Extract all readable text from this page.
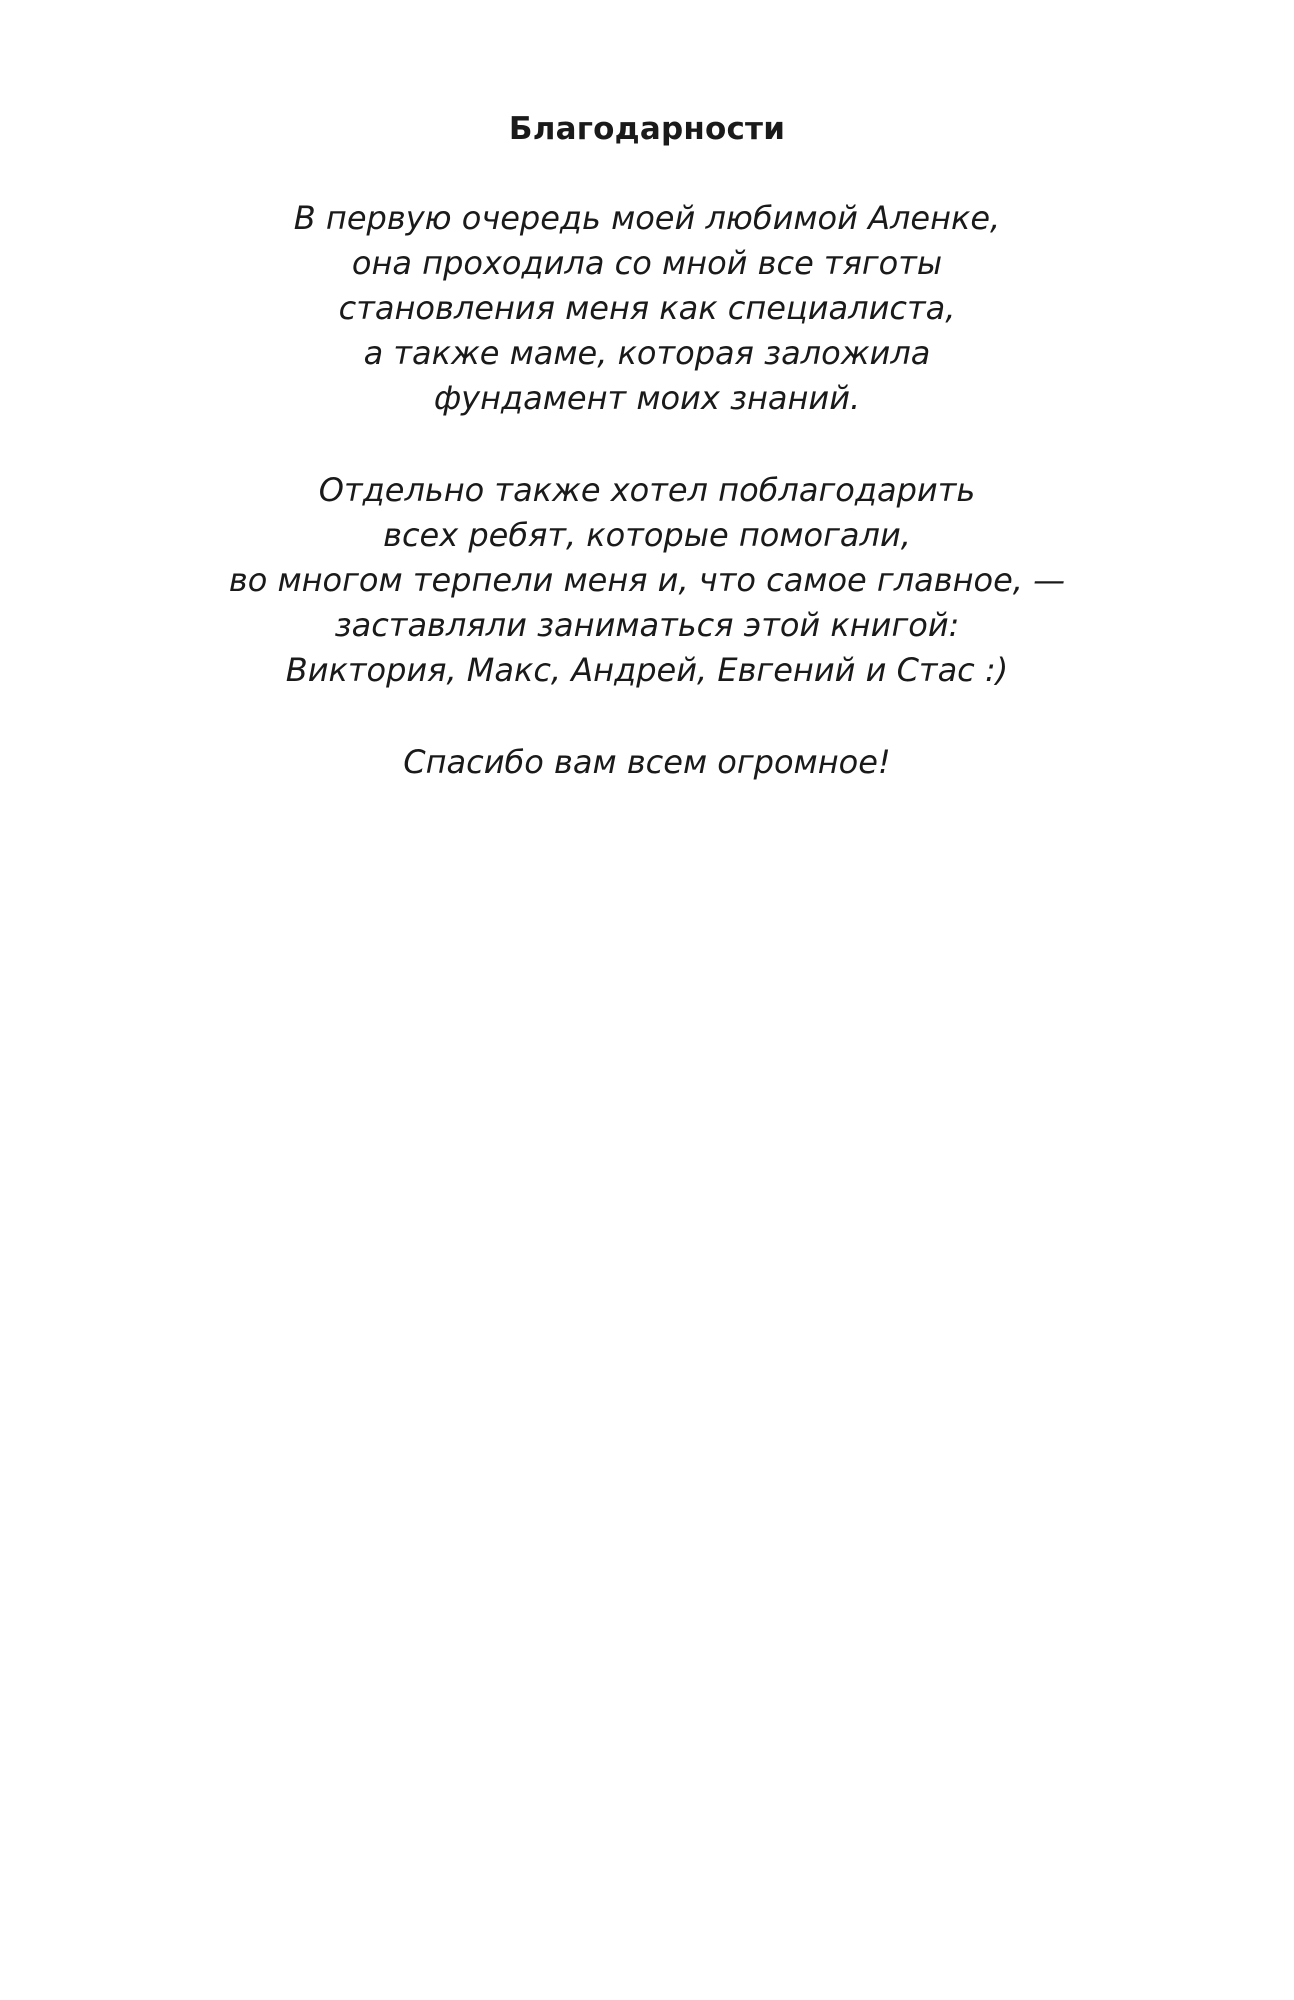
Благодарности
В первую очередь моей любимой Аленке,
она проходила со мной все тяготы
становления меня как специалиста,
а также маме, которая заложила
фундамент моих знаний.
Отдельно также хотел поблагодарить
всех ребят, которые помогали,
во многом терпели меня и, что самое главное, —
заставляли заниматься этой книгой:
Виктория, Макс, Андрей, Евгений и Стас :)
Спасибо вам всем огромное!
